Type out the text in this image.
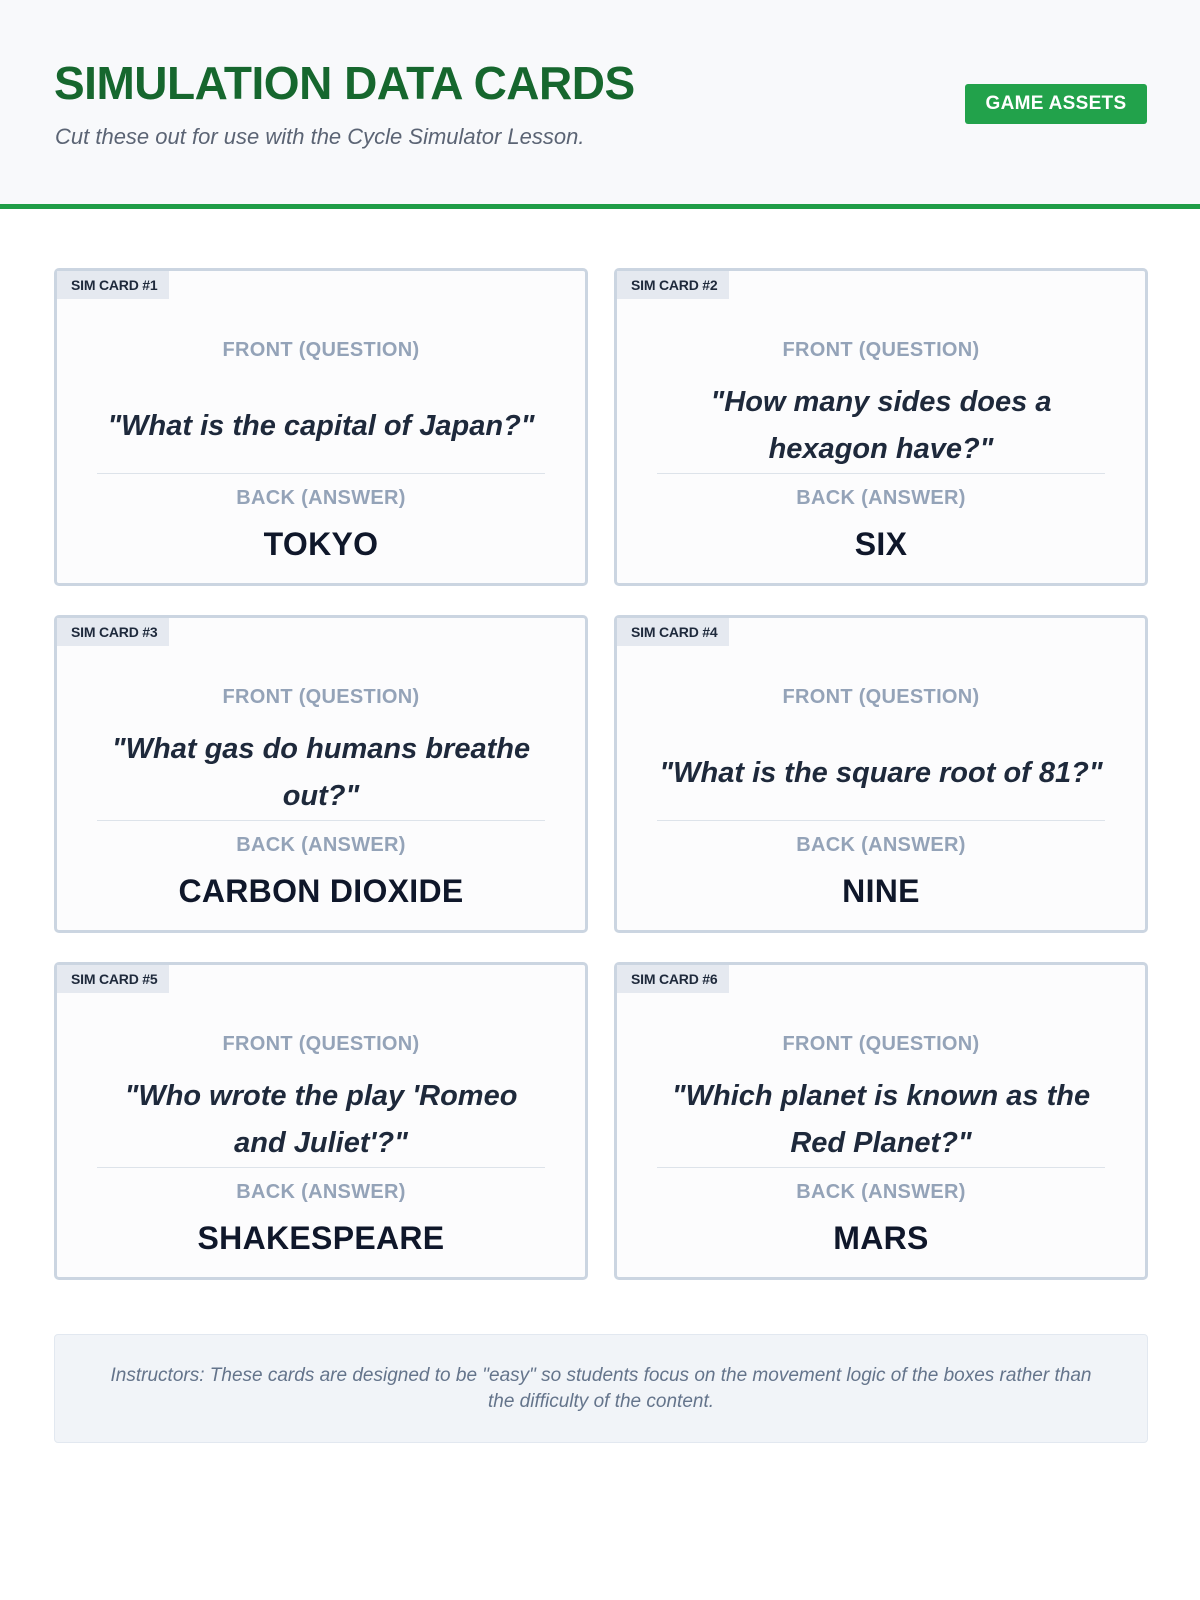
SIMULATION DATA CARDS
Cut these out for use with the Cycle Simulator Lesson.
GAME ASSETS
SIM CARD #1
FRONT (QUESTION)
"What is the capital of Japan?"
BACK (ANSWER)
TOKYO
SIM CARD #2
FRONT (QUESTION)
"How many sides does a hexagon have?"
BACK (ANSWER)
SIX
SIM CARD #3
FRONT (QUESTION)
"What gas do humans breathe out?"
BACK (ANSWER)
CARBON DIOXIDE
SIM CARD #4
FRONT (QUESTION)
"What is the square root of 81?"
BACK (ANSWER)
NINE
SIM CARD #5
FRONT (QUESTION)
"Who wrote the play 'Romeo and Juliet'?"
BACK (ANSWER)
SHAKESPEARE
SIM CARD #6
FRONT (QUESTION)
"Which planet is known as the Red Planet?"
BACK (ANSWER)
MARS
Instructors: These cards are designed to be "easy" so students focus on the movement logic of the boxes rather than the difficulty of the content.
